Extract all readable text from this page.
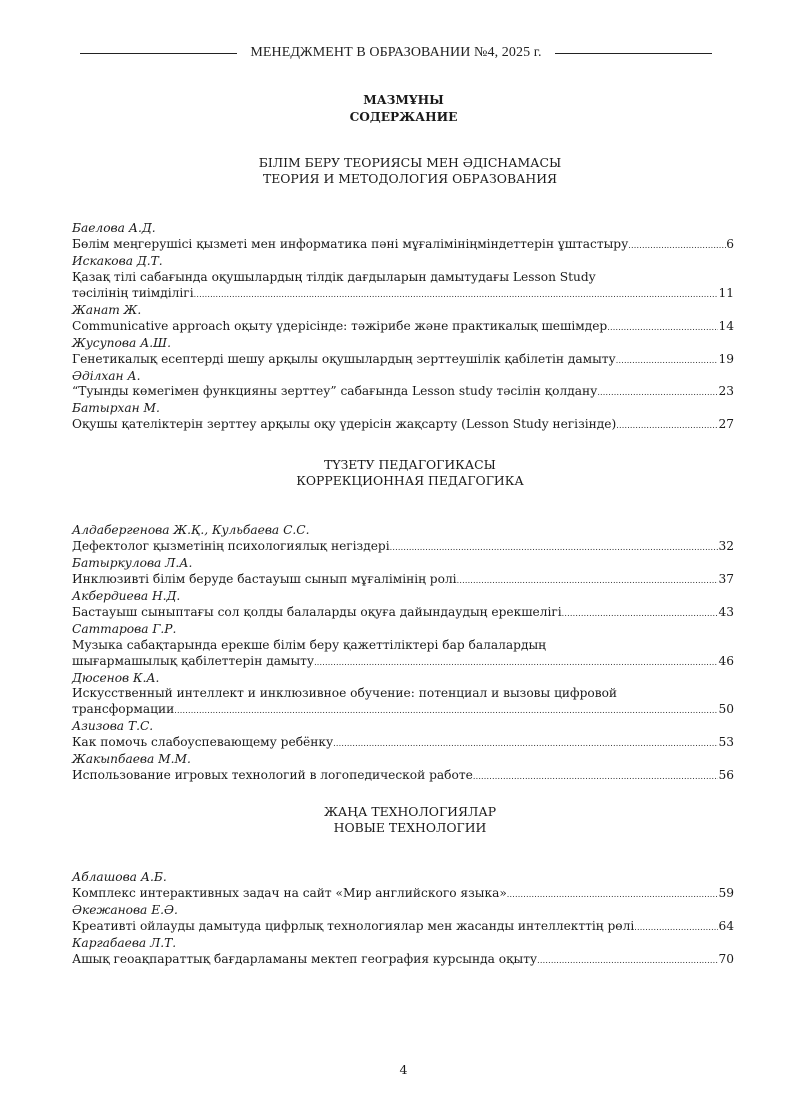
МЕНЕДЖМЕНТ В ОБРАЗОВАНИИ №4, 2025 г.
МАЗМҰНЫ
СОДЕРЖАНИЕ
БІЛІМ БЕРУ ТЕОРИЯСЫ МЕН ӘДІСНАМАСЫ
ТЕОРИЯ И МЕТОДОЛОГИЯ ОБРАЗОВАНИЯ
Баелова А.Д.
Бөлім меңгерушісі қызметі мен информатика пәні мұғалімініңміндеттерін ұштастыру .....	6
Искакова Д.Т.
Қазақ тілі сабағында оқушылардың тілдік дағдыларын дамытудағы Lesson Study
тәсілінің тиімділігі .....	11
Жанат Ж.
Communicative approach оқыту үдерісінде: тәжірибе және практикалық шешімдер .....	14
Жусупова А.Ш.
Генетикалық есептерді шешу арқылы оқушылардың зерттеушілік қабілетін дамыту .....	19
Әділхан А.
“Туынды көмегімен функцияны зерттеу” сабағында Lesson study тәсілін қолдану .....	23
Батырхан М.
Оқушы қателіктерін зерттеу арқылы оқу үдерісін жақсарту (Lesson Study негізінде) .....	27
ТҮЗЕТУ ПЕДАГОГИКАСЫ
КОРРЕКЦИОННАЯ ПЕДАГОГИКА
Алдабергенова Ж.Қ., Кульбаева С.С.
Дефектолог қызметінің психологиялық негіздері .....	32
Батыркулова Л.А.
Инклюзивті білім беруде бастауыш сынып мұғалімінің ролі .....	37
Акбердиева Н.Д.
Бастауыш сыныптағы сол қолды балаларды оқуға дайындаудың ерекшелігі .....	43
Саттарова Г.Р.
Музыка сабақтарында ерекше білім беру қажеттіліктері бар балалардың
шығармашылық қабілеттерін дамыту .....	46
Дюсенов К.А.
Искусственный интеллект и инклюзивное обучение: потенциал и вызовы цифровой
трансформации .....	50
Азизова Т.С.
Как помочь слабоуспевающему ребёнку .....	53
Жакыпбаева М.М.
Использование игровых технологий в логопедической работе .....	56
ЖАҢА ТЕХНОЛОГИЯЛАР
НОВЫЕ ТЕХНОЛОГИИ
Аблашова А.Б.
Комплекс интерактивных задач на сайт «Мир английского языка» .....	59
Әкежанова Е.Ә.
Креативті ойлауды дамытуда цифрлық технологиялар мен жасанды интеллекттің рөлі .....	64
Каргабаева Л.Т.
Ашық геоақпараттық бағдарламаны мектеп география курсында оқыту .....	70
4
